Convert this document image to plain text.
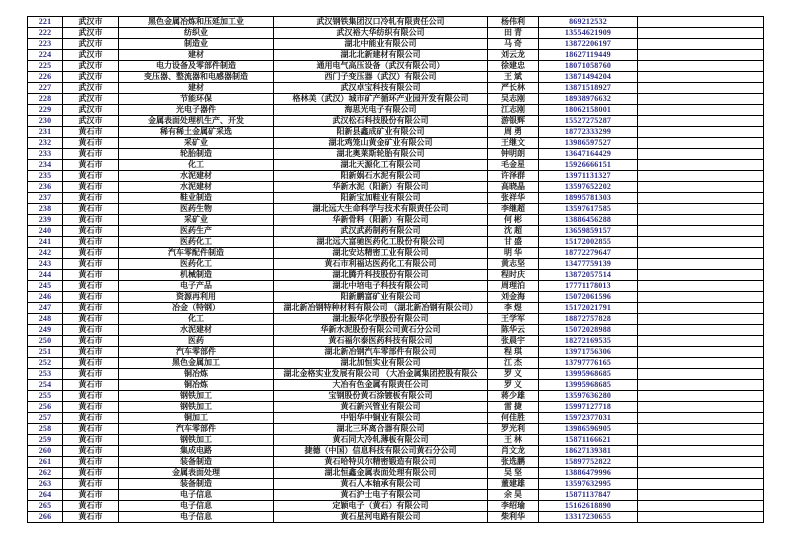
221	武汉市	黑色金属冶炼和压延加工业	武汉钢铁集团汉口冷轧有限责任公司	杨伟利	869212532	
222	武汉市	纺织业	武汉裕大华纺织有限公司	田 青	13554621909	
223	武汉市	制造业	湖北中能业有限公司	马 奇	13872206197	
224	武汉市	建材	湖北北新建材有限公司	刘云龙	18627119449	
225	武汉市	电力设备及零部件制造	通用电气高压设备（武汉有限公司）	徐建忠	18071058760	
226	武汉市	变压器、整流器和电感器制造	西门子变压器（武汉）有限公司	王 斌	13871494204	
227	武汉市	建材	武汉卓宝科技有限公司	严长林	13871518927	
228	武汉市	节能环保	格林美（武汉）城市矿产循环产业园开发有限公司	吴志刚	18938976632	
229	武汉市	光电子器件	海思光电子有限公司	江志刚	18062158001	
230	武汉市	金属表面处理机生产、开发	武汉松石科技股份有限公司	游银辉	15527275287	
231	黄石市	稀有稀土金属矿采选	阳新县鑫成矿业有限公司	周 勇	18772333299	
232	黄石市	采矿业	湖北鸡笼山黄金矿业有限公司	王继文	13986597527	
233	黄石市	轮胎制造	湖北奥莱斯轮胎有限公司	钟明朗	13647164429	
234	黄石市	化工	湖北天源化工有限公司	毛金星	15926666151	
235	黄石市	水泥建材	阳新娲石水泥有限公司	许泽群	13971131327	
236	黄石市	水泥建材	华新水泥（阳新）有限公司	高晓晶	13597652202	
237	黄石市	鞋业制造	阳新宝加鞋业有限公司	张祥华	18995781303	
238	黄石市	医药生物	湖北远大生命科学与技术有限责任公司	李继超	13597617585	
239	黄石市	采矿业	华新骨料（阳新）有限公司	何 彬	13886456288	
240	黄石市	医药生产	武汉武药制药有限公司	沈 超	13659859157	
241	黄石市	医药化工	湖北远大富驰医药化工股份有限公司	甘 盛	15172002855	
242	黄石市	汽车零配件制造	湖北安达精密工业有限公司	明 华	18772279647	
243	黄石市	医药化工	黄石市利福达医药化工有限公司	黄志坚	13477759139	
244	黄石市	机械制造	湖北腾升科技股份有限公司	程时庆	13872057514	
245	黄石市	电子产品	湖北中培电子科技有限公司	周理泊	17771178013	
246	黄石市	资源再利用	阳新鹏富矿业有限公司	刘金海	15072061596	
247	黄石市	冶金（特钢）	湖北新冶钢特种材料有限公司 （湖北新冶钢有限公司）	李 煜	15172021791	
248	黄石市	化工	湖北振华化学股份有限公司	王学军	18872757828	
249	黄石市	水泥建材	华新水泥股份有限公司黄石分公司	陈华云	15072028988	
250	黄石市	医药	黄石福尔泰医药科技有限公司	张晨宇	18272169535	
251	黄石市	汽车零部件	湖北新冶钢汽车零部件有限公司	程 琪	13971756306	
252	黄石市	黑色金属加工	湖北加恒实业有限公司	江 杰	13797776165	
253	黄石市	铜冶炼	湖北金格实业发展有限公司 （大冶金属集团控股有限公	罗 义	13995968685	
254	黄石市	铜冶炼	大冶有色金属有限责任公司	罗 义	13995968685	
255	黄石市	钢铁加工	宝钢股份黄石涂镀板有限公司	蒋少雄	13597636280	
256	黄石市	钢铁加工	黄石新兴管业有限公司	雷 捷	15997127718	
257	黄石市	铜加工	中铝华中铜业有限公司	何佳胜	15972377031	
258	黄石市	汽车零部件	湖北三环离合器有限公司	罗光利	13986596905	
259	黄石市	钢铁加工	黄石同大冷轧薄板有限公司	王 林	15871166621	
260	黄石市	集成电路	捷德（中国）信息科技有限公司黄石分公司	肖文龙	18627139381	
261	黄石市	装备制造	黄石哈特贝尔精密锻造有限公司	张选鹏	15897752822	
262	黄石市	金属表面处理	湖北恒鑫金属表面处理有限公司	吴 坚	13886479996	
263	黄石市	装备制造	黄石人本轴承有限公司	董建雄	13597632995	
264	黄石市	电子信息	黄石沪士电子有限公司	余 昊	15871137847	
265	黄石市	电子信息	定颖电子（黄石）有限公司	李绍瑜	15162618890	
266	黄石市	电子信息	黄石星河电路有限公司	柴利华	13317230655	
